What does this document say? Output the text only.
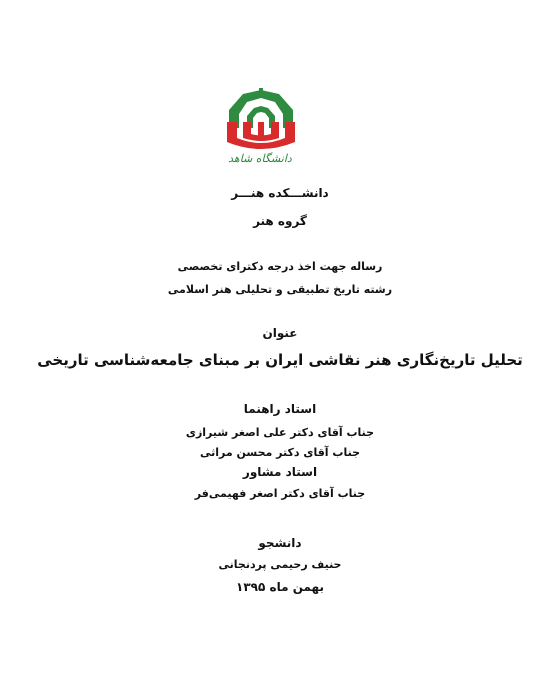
دانشگاه شاهد
دانشـــکده هنـــر
گروه هنر
رساله جهت اخذ درجه دکترای تخصصی
رشته تاریخ تطبیقی و تحلیلی هنر اسلامی
عنوان
تحلیل تاریخ‌نگاری هنر نقاشی ایران بر مبنای جامعه‌شناسی تاریخی
استاد راهنما
جناب آقای دکتر علی اصغر شیرازی
جناب آقای دکتر محسن مراثی
استاد مشاور
جناب آقای دکتر اصغر فهیمی‌فر
دانشجو
حنیف رحیمی پردنجانی
بهمن ماه ۱۳۹۵
